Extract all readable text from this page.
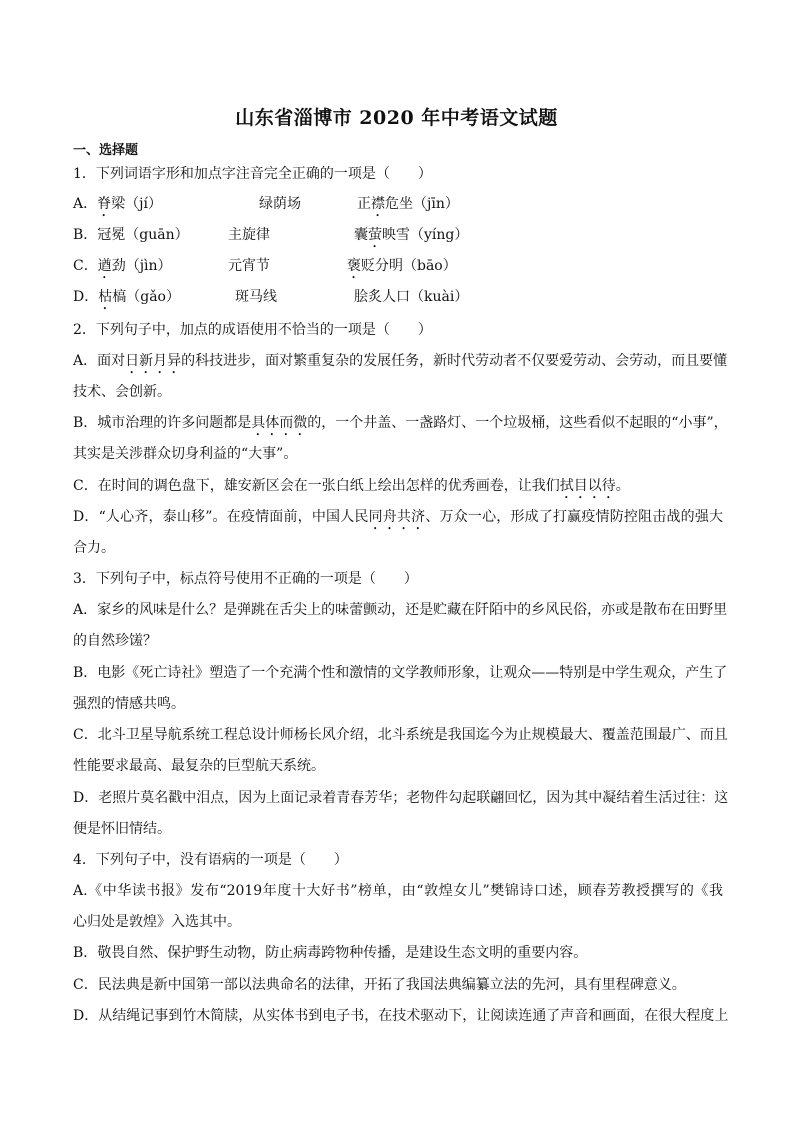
山东省淄博市 2020 年中考语文试题
一、选择题
1．下列词语字形和加点字注音完全正确的一项是（　　）
A．脊梁（jí）	绿荫场	正襟危坐（jīn）
B．冠冕（guān）	主旋律	囊萤映雪（yíng）
C．遒劲（jìn）	元宵节	褒贬分明（bāo）
D．枯槁（gǎo）	斑马线	脍炙人口（kuài）
2．下列句子中，加点的成语使用不恰当的一项是（　　）
A．面对日新月异的科技进步，面对繁重复杂的发展任务，新时代劳动者不仅要爱劳动、会劳动，而且要懂
技术、会创新。
B．城市治理的许多问题都是具体而微的，一个井盖、一盏路灯、一个垃圾桶，这些看似不起眼的“小事”，
其实是关涉群众切身利益的“大事”。
C．在时间的调色盘下，雄安新区会在一张白纸上绘出怎样的优秀画卷，让我们拭目以待。
D．“人心齐，泰山移”。在疫情面前，中国人民同舟共济、万众一心，形成了打赢疫情防控阻击战的强大
合力。
3．下列句子中，标点符号使用不正确的一项是（　　）
A．家乡的风味是什么？是弹跳在舌尖上的味蕾颤动，还是贮藏在阡陌中的乡风民俗，亦或是散布在田野里
的自然珍馐？
B．电影《死亡诗社》塑造了一个充满个性和激情的文学教师形象，让观众——特别是中学生观众，产生了
强烈的情感共鸣。
C．北斗卫星导航系统工程总设计师杨长风介绍，北斗系统是我国迄今为止规模最大、覆盖范围最广、而且
性能要求最高、最复杂的巨型航天系统。
D．老照片莫名戳中泪点，因为上面记录着青春芳华；老物件勾起联翩回忆，因为其中凝结着生活过往：这
便是怀旧情结。
4．下列句子中，没有语病的一项是（　　）
A.《中华读书报》发布“2019年度十大好书”榜单，由“敦煌女儿”樊锦诗口述，顾春芳教授撰写的《我
心归处是敦煌》入选其中。
B．敬畏自然、保护野生动物，防止病毒跨物种传播，是建设生态文明的重要内容。
C．民法典是新中国第一部以法典命名的法律，开拓了我国法典编纂立法的先河，具有里程碑意义。
D．从结绳记事到竹木简牍，从实体书到电子书，在技术驱动下，让阅读连通了声音和画面，在很大程度上
